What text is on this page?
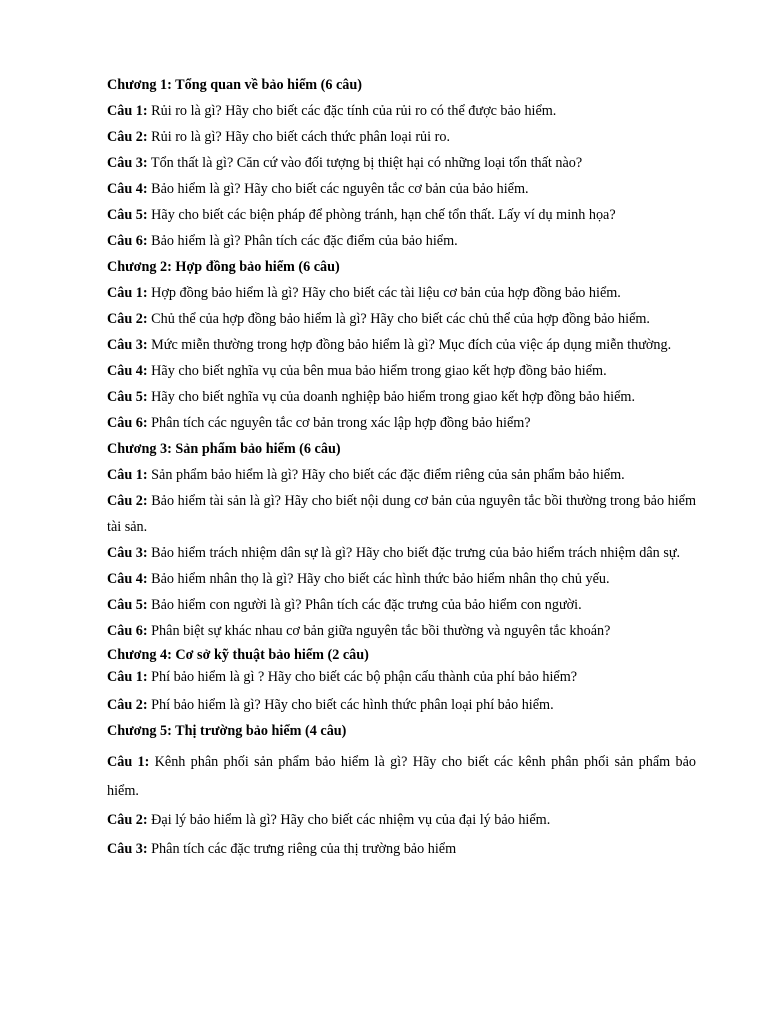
Chương 1: Tổng quan về bảo hiểm (6 câu)

Câu 1: Rủi ro là gì? Hãy cho biết các đặc tính của rủi ro có thể được bảo hiểm.

Câu 2: Rủi ro là gì? Hãy cho biết cách thức phân loại rủi ro.

Câu 3: Tổn thất là gì? Căn cứ vào đối tượng bị thiệt hại có những loại tổn thất nào?

Câu 4: Bảo hiểm là gì? Hãy cho biết các nguyên tắc cơ bản của bảo hiểm.

Câu 5: Hãy cho biết các biện pháp để phòng tránh, hạn chế tổn thất. Lấy ví dụ minh họa?

Câu 6: Bảo hiểm là gì? Phân tích các đặc điểm của bảo hiểm.

Chương 2: Hợp đồng bảo hiểm (6 câu)

Câu 1: Hợp đồng bảo hiểm là gì? Hãy cho biết các tài liệu cơ bản của hợp đồng bảo hiểm.

Câu 2: Chủ thể của hợp đồng bảo hiểm là gì? Hãy cho biết các chủ thể của hợp đồng bảo hiểm.

Câu 3: Mức miễn thường trong hợp đồng bảo hiểm là gì? Mục đích của việc áp dụng miễn thường.

Câu 4: Hãy cho biết nghĩa vụ của bên mua bảo hiểm trong giao kết hợp đồng bảo hiểm.

Câu 5: Hãy cho biết nghĩa vụ của doanh nghiệp bảo hiểm trong giao kết hợp đồng bảo hiểm.

Câu 6: Phân tích các nguyên tắc cơ bản trong xác lập hợp đồng bảo hiểm?

Chương 3: Sản phẩm bảo hiểm (6 câu)

Câu 1: Sản phẩm bảo hiểm là gì? Hãy cho biết các đặc điểm riêng của sản phẩm bảo hiểm.

Câu 2: Bảo hiểm tài sản là gì? Hãy cho biết nội dung cơ bản của nguyên tắc bồi thường trong bảo hiểm tài sản.

Câu 3: Bảo hiểm trách nhiệm dân sự là gì? Hãy cho biết đặc trưng của bảo hiểm trách nhiệm dân sự.

Câu 4: Bảo hiểm nhân thọ là gì? Hãy cho biết các hình thức bảo hiểm nhân thọ chủ yếu.

Câu 5: Bảo hiểm con người là gì? Phân tích các đặc trưng của bảo hiểm con người.

Câu 6: Phân biệt sự khác nhau cơ bản giữa nguyên tắc bồi thường và nguyên tắc khoán?

Chương 4: Cơ sở kỹ thuật bảo hiểm (2 câu)

Câu 1: Phí bảo hiểm là gì ? Hãy cho biết các bộ phận cấu thành của phí bảo hiểm?

Câu 2: Phí bảo hiểm là gì? Hãy cho biết các hình thức phân loại phí bảo hiểm.

Chương 5: Thị trường bảo hiểm (4 câu)

Câu 1: Kênh phân phối sản phẩm bảo hiểm là gì? Hãy cho biết các kênh phân phối sản phẩm bảo hiểm.

Câu 2: Đại lý bảo hiểm là gì? Hãy cho biết các nhiệm vụ của đại lý bảo hiểm.

Câu 3: Phân tích các đặc trưng riêng của thị trường bảo hiểm
